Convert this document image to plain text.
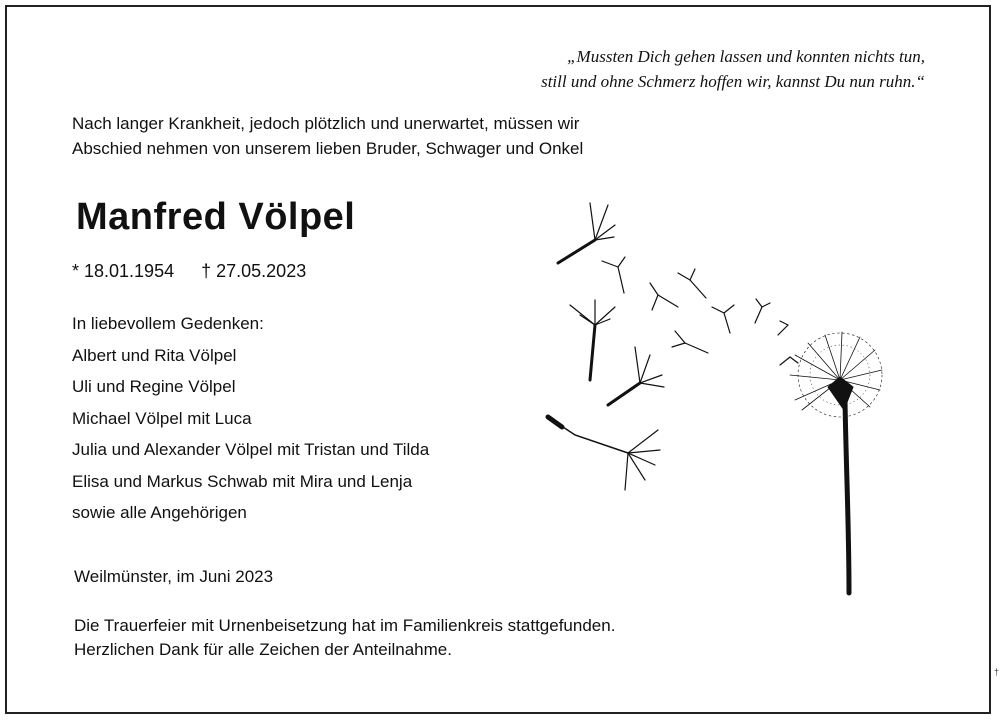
„Mussten Dich gehen lassen und konnten nichts tun,
still und ohne Schmerz hoffen wir, kannst Du nun ruhn.“
Nach langer Krankheit, jedoch plötzlich und unerwartet, müssen wir
Abschied nehmen von unserem lieben Bruder, Schwager und Onkel
Manfred Völpel
* 18.01.1954 † 27.05.2023
In liebevollem Gedenken:
Albert und Rita Völpel
Uli und Regine Völpel
Michael Völpel mit Luca
Julia und Alexander Völpel mit Tristan und Tilda
Elisa und Markus Schwab mit Mira und Lenja
sowie alle Angehörigen
Weilmünster, im Juni 2023
Die Trauerfeier mit Urnenbeisetzung hat im Familienkreis stattgefunden.
Herzlichen Dank für alle Zeichen der Anteilnahme.
†
